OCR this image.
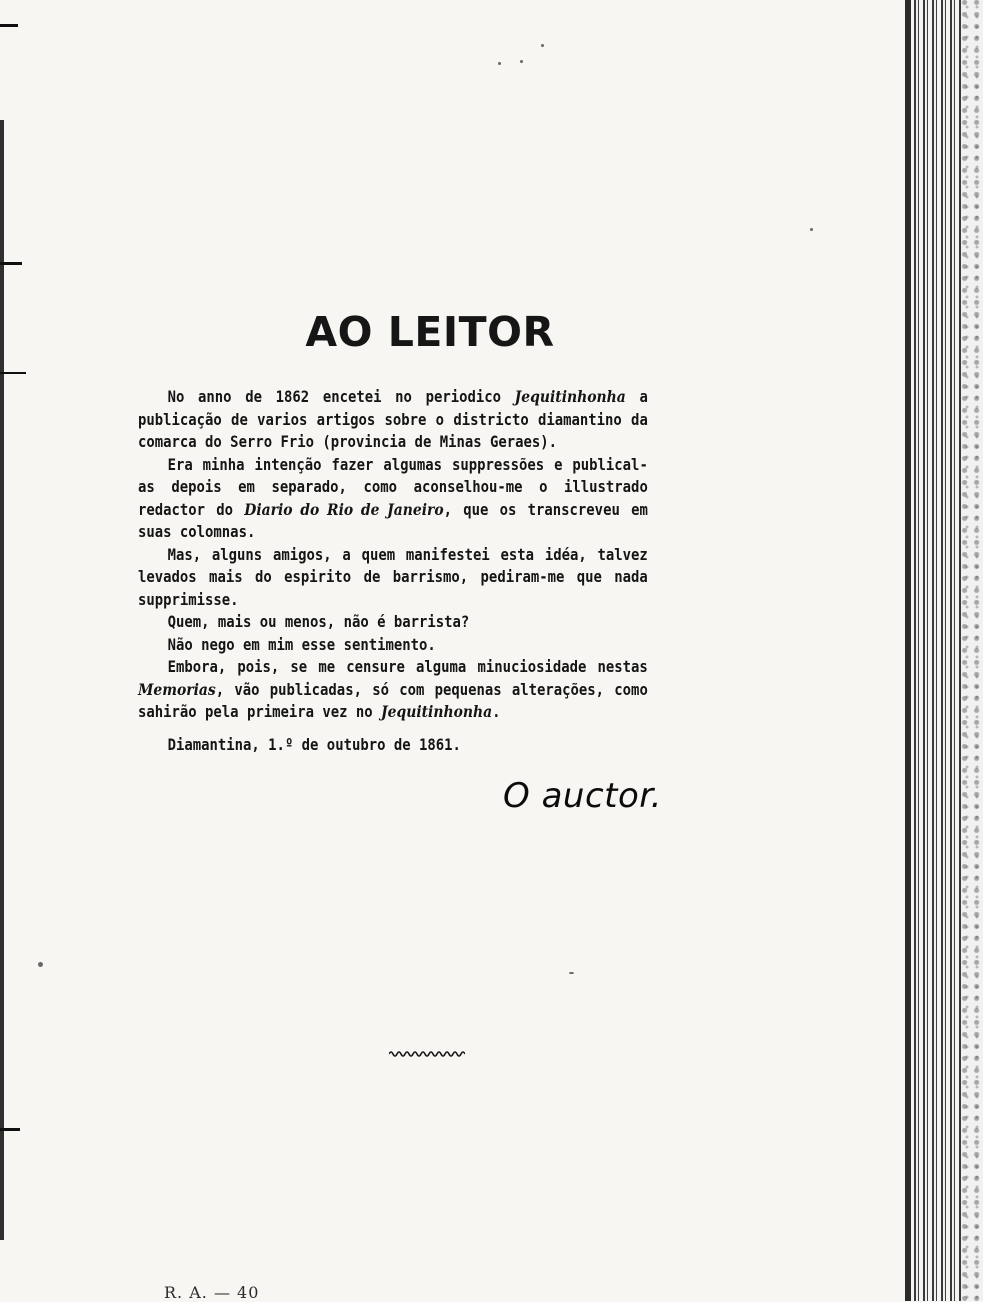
AO LEITOR

No anno de 1862 encetei no periodico Jequitinhonha a publicação de varios artigos sobre o districto diamantino da comarca do Serro Frio (provincia de Minas Geraes).

Era minha intenção fazer algumas suppressões e publical-as depois em separado, como aconselhou-me o illustrado redactor do Diario do Rio de Janeiro, que os transcreveu em suas colomnas.

Mas, alguns amigos, a quem manifestei esta idéa, talvez levados mais do espirito de barrismo, pediram-me que nada supprimisse.

Quem, mais ou menos, não é barrista?

Não nego em mim esse sentimento.

Embora, pois, se me censure alguma minuciosidade nestas Memorias, vão publicadas, só com pequenas alterações, como sahirão pela primeira vez no Jequitinhonha.

Diamantina, 1.º de outubro de 1861.

O auctor.

R. A. — 40
